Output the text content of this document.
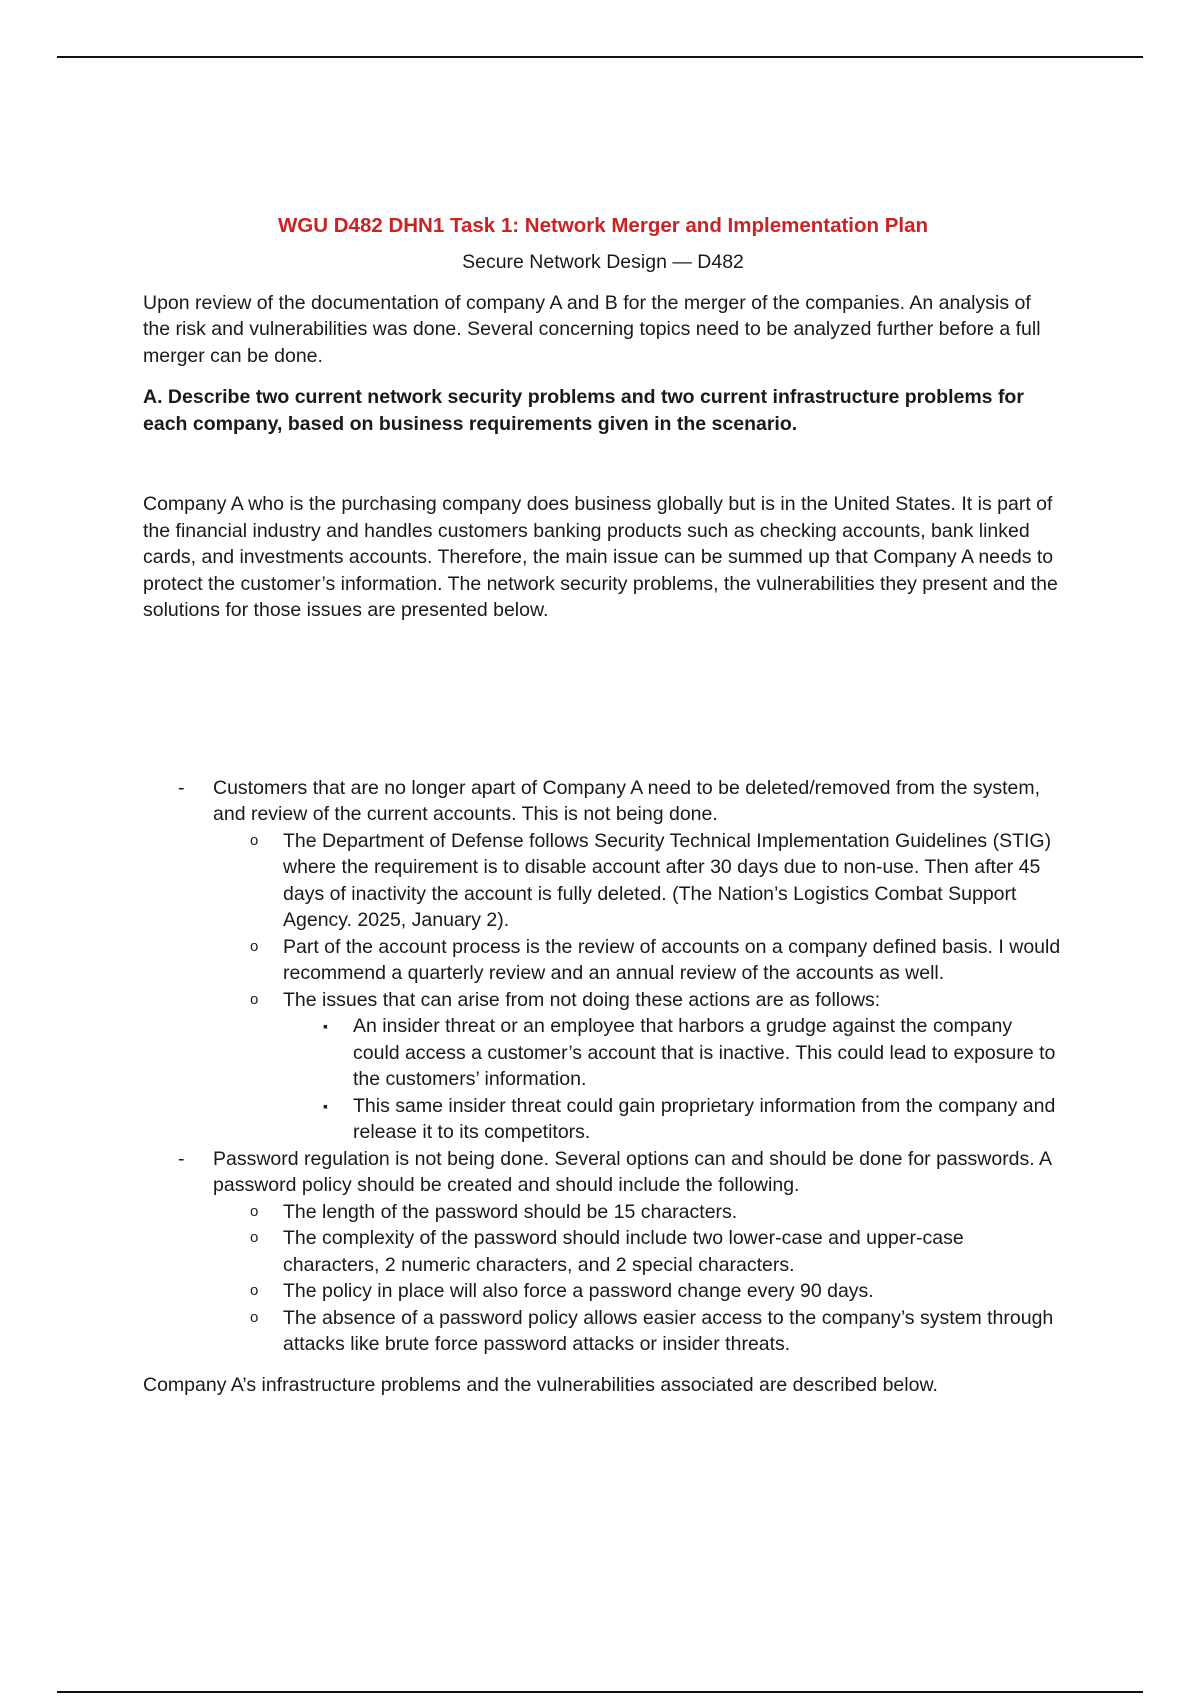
WGU D482 DHN1 Task 1: Network Merger and Implementation Plan

Secure Network Design — D482

Upon review of the documentation of company A and B for the merger of the companies. An analysis of the risk and vulnerabilities was done. Several concerning topics need to be analyzed further before a full merger can be done.

A. Describe two current network security problems and two current infrastructure problems for each company, based on business requirements given in the scenario.

Company A who is the purchasing company does business globally but is in the United States. It is part of the financial industry and handles customers banking products such as checking accounts, bank linked cards, and investments accounts. Therefore, the main issue can be summed up that Company A needs to protect the customer’s information. The network security problems, the vulnerabilities they present and the solutions for those issues are presented below.

- Customers that are no longer apart of Company A need to be deleted/removed from the system, and review of the current accounts. This is not being done.
o The Department of Defense follows Security Technical Implementation Guidelines (STIG) where the requirement is to disable account after 30 days due to non-use. Then after 45 days of inactivity the account is fully deleted. (The Nation’s Logistics Combat Support Agency. 2025, January 2).
o Part of the account process is the review of accounts on a company defined basis. I would recommend a quarterly review and an annual review of the accounts as well.
o The issues that can arise from not doing these actions are as follows:
▪ An insider threat or an employee that harbors a grudge against the company could access a customer’s account that is inactive. This could lead to exposure to the customers’ information.
▪ This same insider threat could gain proprietary information from the company and release it to its competitors.
- Password regulation is not being done. Several options can and should be done for passwords. A password policy should be created and should include the following.
o The length of the password should be 15 characters.
o The complexity of the password should include two lower-case and upper-case characters, 2 numeric characters, and 2 special characters.
o The policy in place will also force a password change every 90 days.
o The absence of a password policy allows easier access to the company’s system through attacks like brute force password attacks or insider threats.

Company A’s infrastructure problems and the vulnerabilities associated are described below.
